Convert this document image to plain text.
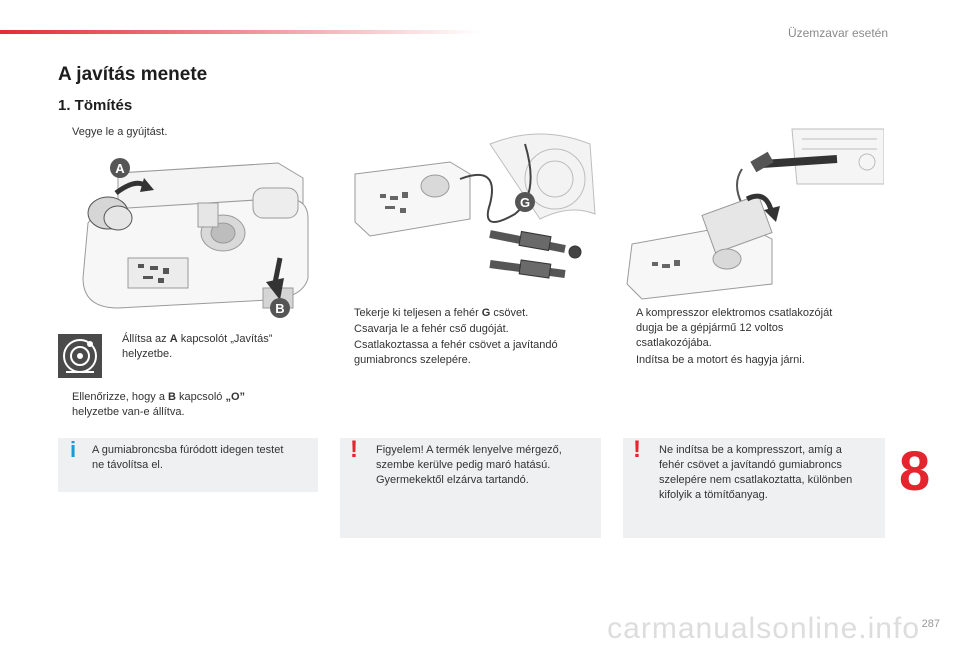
Üzemzavar esetén
A javítás menete
1. Tömítés
Vegye le a gyújtást.
A
B
Állítsa az A kapcsolót „Javítás”
helyzetbe.
Ellenőrizze, hogy a B kapcsoló „O”
helyzetbe van-e állítva.
G
Tekerje ki teljesen a fehér G csövet.
Csavarja le a fehér cső dugóját.
Csatlakoztassa a fehér csövet a javítandó
gumiabroncs szelepére.
A kompresszor elektromos csatlakozóját
dugja be a gépjármű 12 voltos
csatlakozójába.
Indítsa be a motort és hagyja járni.
i A gumiabroncsba fúródott idegen testet
ne távolítsa el.
! Figyelem! A termék lenyelve mérgező,
szembe kerülve pedig maró hatású.
Gyermekektől elzárva tartandó.
! Ne indítsa be a kompresszort, amíg a
fehér csövet a javítandó gumiabroncs
szelepére nem csatlakoztatta, különben
kifolyik a tömítőanyag.	8
287
carmanualsonline.info
